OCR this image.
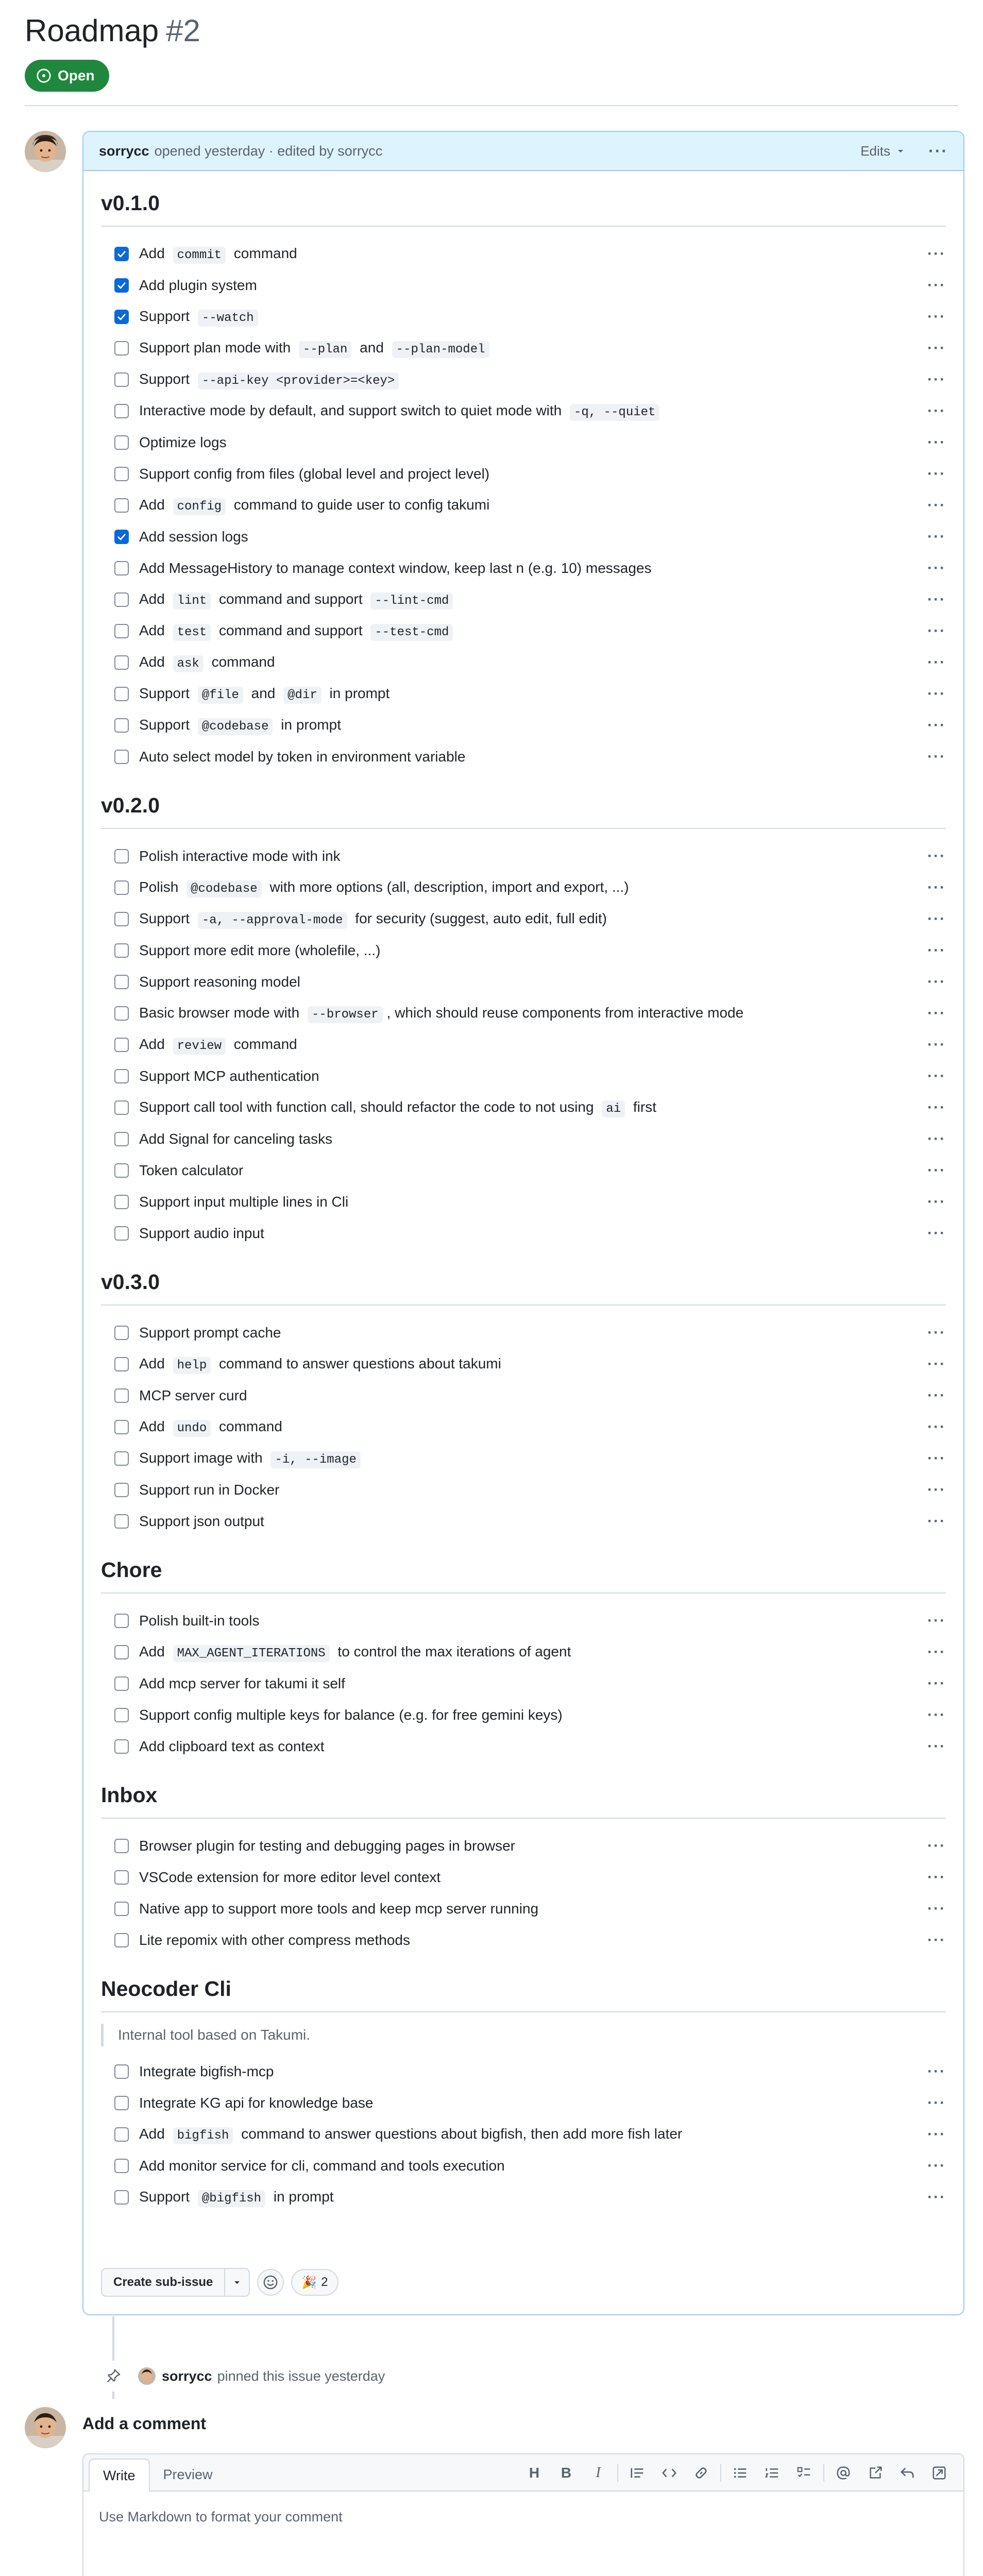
Roadmap #2
Open
sorrycc opened yesterday · edited by sorrycc	Edits ···
v0.1.0
Add commit command	···
Add plugin system	···
Support --watch	···
Support plan mode with --plan and --plan-model	···
Support --api-key <provider>=<key>	···
Interactive mode by default, and support switch to quiet mode with -q, --quiet	···
Optimize logs	···
Support config from files (global level and project level)	···
Add config command to guide user to config takumi	···
Add session logs	···
Add MessageHistory to manage context window, keep last n (e.g. 10) messages	···
Add lint command and support --lint-cmd	···
Add test command and support --test-cmd	···
Add ask command	···
Support @file and @dir in prompt	···
Support @codebase in prompt	···
Auto select model by token in environment variable	···
v0.2.0
Polish interactive mode with ink	···
Polish @codebase with more options (all, description, import and export, ...)	···
Support -a, --approval-mode for security (suggest, auto edit, full edit)	···
Support more edit more (wholefile, ...)	···
Support reasoning model	···
Basic browser mode with --browser , which should reuse components from interactive mode	···
Add review command	···
Support MCP authentication	···
Support call tool with function call, should refactor the code to not using ai first	···
Add Signal for canceling tasks	···
Token calculator	···
Support input multiple lines in Cli	···
Support audio input	···
v0.3.0
Support prompt cache	···
Add help command to answer questions about takumi	···
MCP server curd	···
Add undo command	···
Support image with -i, --image	···
Support run in Docker	···
Support json output	···
Chore
Polish built-in tools	···
Add MAX_AGENT_ITERATIONS to control the max iterations of agent	···
Add mcp server for takumi it self	···
Support config multiple keys for balance (e.g. for free gemini keys)	···
Add clipboard text as context	···
Inbox
Browser plugin for testing and debugging pages in browser	···
VSCode extension for more editor level context	···
Native app to support more tools and keep mcp server running	···
Lite repomix with other compress methods	···
Neocoder Cli
Internal tool based on Takumi.
Integrate bigfish-mcp	···
Integrate KG api for knowledge base	···
Add bigfish command to answer questions about bigfish, then add more fish later	···
Add monitor service for cli, command and tools execution	···
Support @bigfish in prompt	···
Create sub-issue	🎉 2
sorrycc pinned this issue yesterday
Add a comment
Write	Preview	H	B	I
Use Markdown to format your comment
